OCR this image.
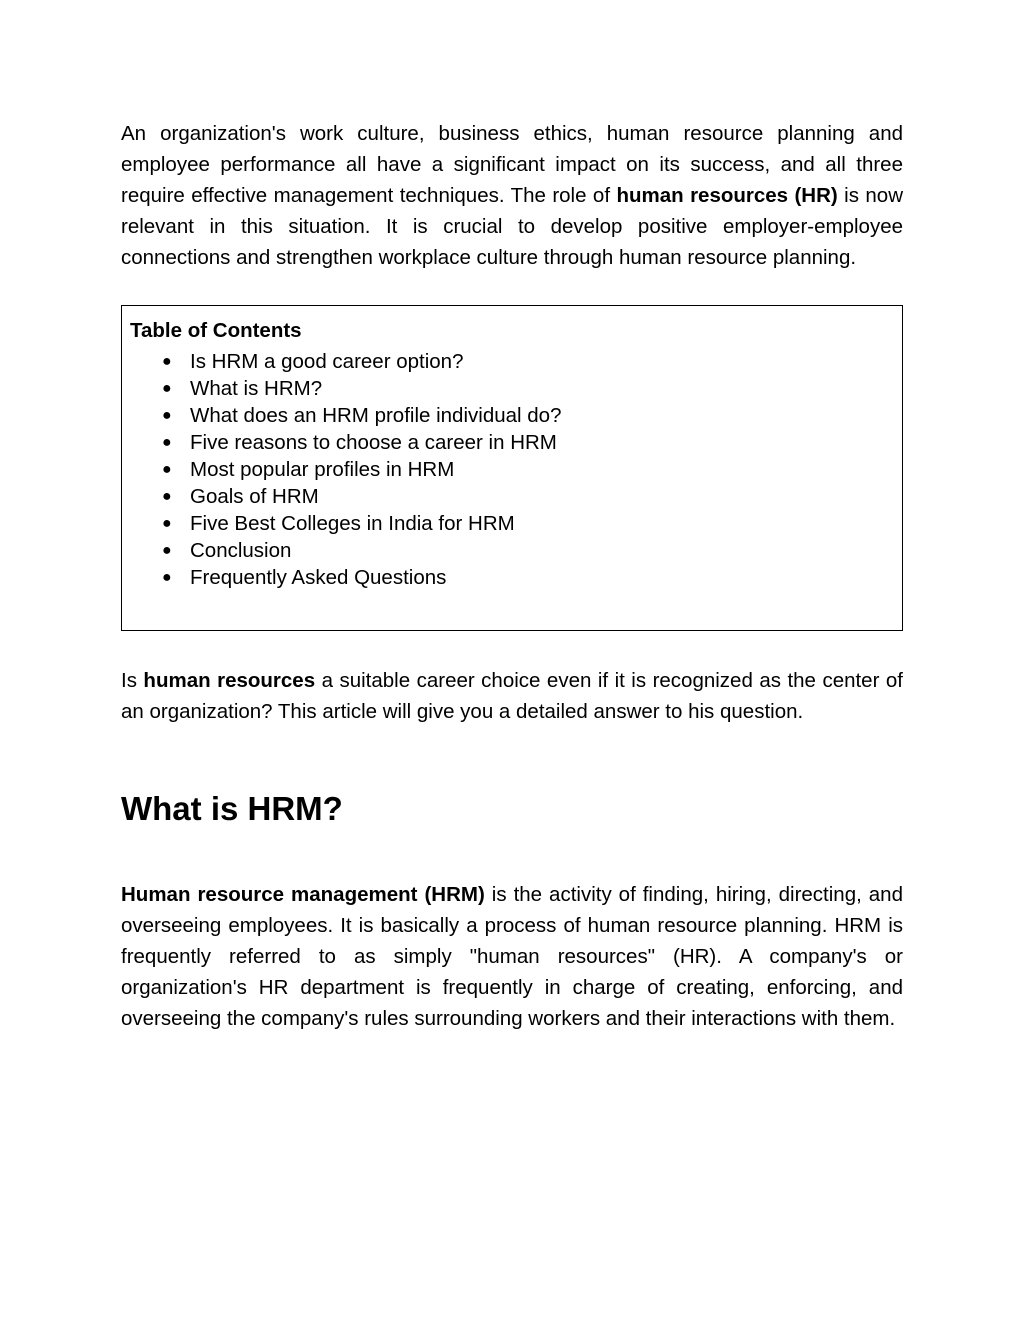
An organization's work culture, business ethics, human resource planning and employee performance all have a significant impact on its success, and all three require effective management techniques. The role of human resources (HR) is now relevant in this situation. It is crucial to develop positive employer-employee connections and strengthen workplace culture through human resource planning.

Table of Contents
● Is HRM a good career option?
● What is HRM?
● What does an HRM profile individual do?
● Five reasons to choose a career in HRM
● Most popular profiles in HRM
● Goals of HRM
● Five Best Colleges in India for HRM
● Conclusion
● Frequently Asked Questions

Is human resources a suitable career choice even if it is recognized as the center of an organization? This article will give you a detailed answer to his question.

What is HRM?

Human resource management (HRM) is the activity of finding, hiring, directing, and overseeing employees. It is basically a process of human resource planning. HRM is frequently referred to as simply "human resources" (HR). A company's or organization's HR department is frequently in charge of creating, enforcing, and overseeing the company's rules surrounding workers and their interactions with them.
